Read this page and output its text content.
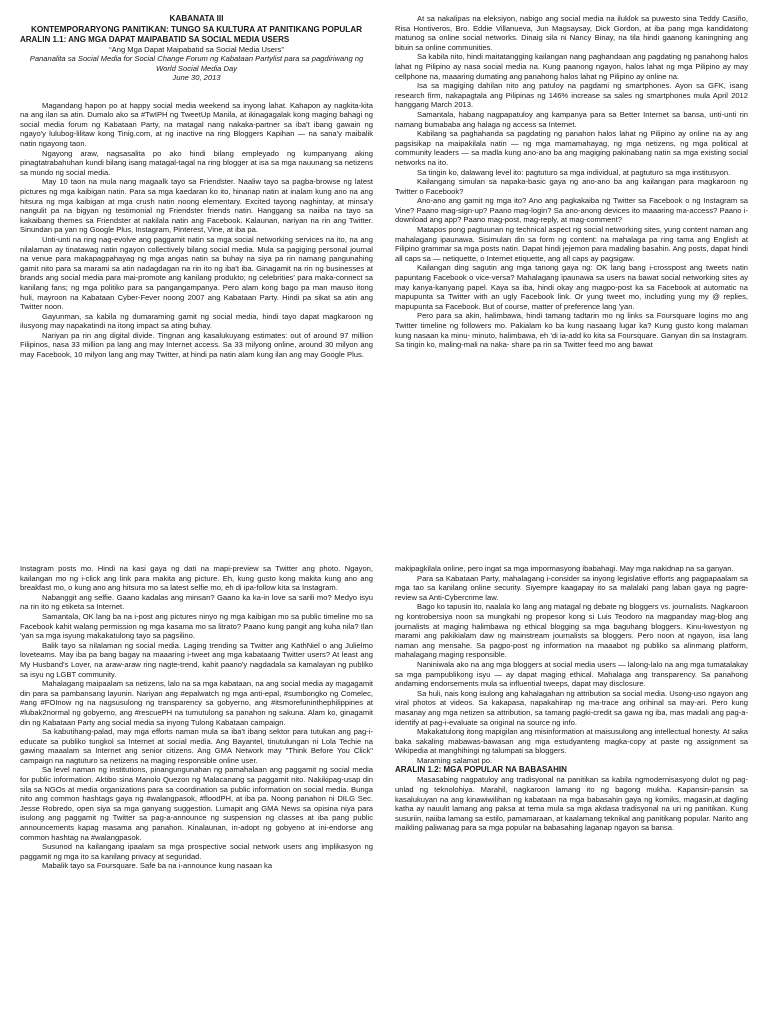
KABANATA III

KONTEMPORARYONG PANITIKAN: TUNGO SA KULTURA AT PANITIKANG POPULAR

ARALIN 1.1: ANG MGA DAPAT MAIPABATID SA SOCIAL MEDIA USERS

“Ang Mga Dapat Maipabatid sa Social Media Users”
Pananalita sa Social Media for Social Change Forum ng Kabataan Partylist para sa pagdiriwang ng World Social Media Day
June 30, 2013

Magandang hapon po at happy social media weekend sa inyong lahat. Kahapon ay nagkita-kita na ang ilan sa atin. Dumalo ako sa #TwIPH ng TweetUp Manila, at ikinagagalak kong maging bahagi ng social media forum ng Kabataan Party, na matagal nang nakaka-partner sa iba't ibang gawain ng ngayo'y lulubog-lilitaw kong Tinig.com, at ng inactive na ring Bloggers Kapihan — na sana'y maibalik natin ngayong taon.

Ngayong araw, nagsasalita po ako hindi bilang empleyado ng kumpanyang aking pinagtatrabahuhan kundi bilang isang matagal-tagal na ring blogger at isa sa mga nauunang sa netizens sa mundo ng social media.

May 10 taon na mula nang magaalk tayo sa Friendster. Naaliw tayo sa pagba-browse ng latest pictures ng mga kaibigan natin. Para sa mga kaedaran ko ito, hinanap natin at inalam kung ano na ang hitsura ng mga kaibigan at mga crush natin noong elementary. Excited tayong naghintay, at minsa'y nangulit pa na bigyan ng testimonial ng Friendster friends natin. Hanggang sa naiiba na tayo sa kakaibang themes sa Friendster at nakilala natin ang Facebook. Kalaunan, nariyan na rin ang Twitter. Sinundan pa yan ng Google Plus, Instagram, Pinterest, Vine, at iba pa.

Unti-unti na ring nag-evolve ang paggamit natin sa mga social networking services na ito, na ang nilalaman ay tinatawag natin ngayon collectively bilang social media. Mula sa pagiging personal journal na venue para makapagpahayag ng mga angas natin sa buhay na siya pa rin namang pangunahing gamit nito para sa marami sa atin nadagdagan na rin ito ng iba't iba. Ginagamit na rin ng businesses at brands ang social media para mai-promote ang kanilang produkto; ng celebrities' para maka-connect sa kanilang fans; ng mga politiko para sa pangangampanya. Pero alam kong bago pa man mauso itong huli, mayroon na Kabataan Cyber-Fever noong 2007 ang Kabataan Party. Hindi pa sikat sa atin ang Twitter noon.

Gayunman, sa kabila ng dumaraming gamit ng social media, hindi tayo dapat magkaroon ng ilusyong may napakatindi na itong impact sa ating buhay.

Nariyan pa rin ang digital divide. Tingnan ang kasalukuyang estimates: out of around 97 million Filipinos, nasa 33 million pa lang ang may Internet access. Sa 33 milyong online, around 30 milyon ang may Facebook, 10 milyon lang ang may Twitter, at hindi pa natin alam kung ilan ang may Google Plus.

At sa nakalipas na eleksiyon, nabigo ang social media na iluklok sa puwesto sina Teddy Casiño, Risa Hontiveros, Bro. Eddie Villanueva, Jun Magsaysay, Dick Gordon, at iba pang mga kandidatong matunog sa online social networks. Dinaig sila ni Nancy Binay, na tila hindi gaanong kaningning ang bituin sa online communities.

Sa kabila nito, hindi maitatangging kailangan nang paghandaan ang pagdating ng panahong halos lahat ng Pilipino ay nasa social media na. Kung paanong ngayon, halos lahat ng mga Pilipino ay may cellphone na, maaaring dumating ang panahong halos lahat ng Pilipino ay online na.

Isa sa magiging dahilan nito ang patuloy na pagdami ng smartphones. Ayon sa GFK, isang research firm, nakapagtala ang Pilipinas ng 146% increase sa sales ng smartphones mula April 2012 hanggang March 2013.

Samantala, habang nagpapatuloy ang kampanya para sa Better Internet sa bansa, unti-unti rin namang bumababa ang halaga ng access sa Internet.

Kabilang sa paghahanda sa pagdating ng panahon halos lahat ng Pilipino ay online na ay ang pagsisikap na maipakilala natin — ng mga mamamahayag, ng mga netizens, ng mga political at community leaders — sa madla kung ano-ano ba ang magiging pakinabang natin sa mga existing social networks na ito.

Sa tingin ko, dalawang level ito: pagtuturo sa mga individual, at pagtuturo sa mga institusyon.

Kailangang simulan sa napaka-basic gaya ng ano-ano ba ang kailangan para magkaroon ng Twitter o Facebook?

Ano-ano ang gamit ng mga ito? Ano ang pagkakaiba ng Twitter sa Facebook o ng Instagram sa Vine? Paano mag-sign-up? Paano mag-login? Sa ano-anong devices ito maaaring ma-access? Paano i-download ang app? Paano mag-post, mag-reply, at mag-comment?

Matapos pong pagtuunan ng technical aspect ng social networking sites, yung content naman ang mahalagang ipaunawa. Sisimulan din sa form ng content: na mahalaga pa ring tama ang English at Filipino grammar sa mga posts natin. Dapat hindi jejemon para madaling basahin. Ang posts, dapat hindi all caps sa — netiquette, o Internet etiquette, ang all caps ay pagsigaw.

Kailangan ding sagutin ang mga tanong gaya ng: OK lang bang i-crosspost ang tweets natin papuntang Facebook o vice-versa? Mahalagang ipaunawa sa users na bawat social networking sites ay may kanya-kanyang papel. Kaya sa iba, hindi okay ang magpo-post ka sa Facebook at automatic na mapupunta sa Twitter with an ugly Facebook link. Or yung tweet mo, including yung my @ replies, mapupunta sa Facebook. But of course, matter of preference lang 'yan.

Pero para sa akin, halimbawa, hindi tamang tadtarin mo ng links sa Foursquare logins mo ang Twitter timeline ng followers mo. Pakialam ko ba kung nasaang lugar ka? Kung gusto kong malaman kung nasaan ka minu- minuto, halimbawa, eh 'di ia-add ko kita sa Foursquare. Ganyan din sa Instagram. Sa tingin ko, maling-mali na naka- share pa rin sa Twitter feed mo ang bawat

Instagram posts mo. Hindi na kasi gaya ng dati na mapi-preview sa Twitter ang photo. Ngayon, kailangan mo ng i-click ang link para makita ang picture. Eh, kung gusto kong makita kung ano ang breakfast mo, o kung ano ang hitsura mo sa latest selfie mo, eh di ipa-follow kita sa Instagram.

Nabanggit ang selfie. Gaano kadalas ang minsan? Gaano ka ka-in love sa sarili mo? Medyo isyu na rin ito ng etiketa sa Internet.

Samantala, OK lang ba na i-post ang pictures ninyo ng mga kaibigan mo sa public timeline mo sa Facebook kahit walang permission ng mga kasama mo sa litrato? Paano kung pangit ang kuha nila? Ilan 'yan sa mga isyung makakatulong tayo sa pagsilino.

Balik tayo sa nilalaman ng social media. Laging trending sa Twitter ang KathNiel o ang Julielmo loveteams. May iba pa bang bagay na maaaring i-tweet ang mga kabataang Twitter users? At least ang My Husband's Lover, na araw-araw ring nagte-trend, kahit paano'y nagdadala sa kamalayan ng publiko sa isyu ng LGBT community.

Mahalagang maipaalam sa netizens, lalo na sa mga kabataan, na ang social media ay magagamit din para sa pambansang layunin. Nariyan ang #epalwatch ng mga anti-epal, #sumbongko ng Comelec, #ang #FOInow ng na nagsusulong ng transparency sa gobyerno, ang #itsmorefuninthephilippines at #lubak2normal ng gobyerno, ang #rescuePH na tumutulong sa panahon ng sakuna. Alam ko, ginagamit din ng Kabataan Party ang social media sa inyong Tulong Kabataan campaign.

Sa kabutihang-palad, may mga efforts naman mula sa iba't ibang sektor para tutukan ang pag-i-educate sa publiko tungkol sa Internet at social media. Ang Bayantel, tinutulungan ni Lola Techie na gawing maaalam sa Internet ang senior citizens. Ang GMA Network may "Think Before You Click" campaign na nagtuturo sa netizens na maging responsible online user.

Sa level naman ng institutions, pinangungunahan ng pamahalaan ang paggamit ng social media for public information. Aktibo sina Manolo Quezon ng Malacanang sa paggamit nito. Nakikipag-usap din sila sa NGOs at media organizations para sa coordination sa public information on social media. Bunga nito ang common hashtags gaya ng #walangpasok, #floodPH, at iba pa. Noong panahon ni DILG Sec. Jesse Robredo, open siya sa mga ganyang suggestion. Lumapit ang GMA News sa opisina niya para isulong ang paggamit ng Twitter sa pag-a-announce ng suspension ng classes at iba pang public announcements kapag masama ang panahon. Kinalaunan, in-adopt ng gobyeno at ini-endorse ang common hashtag na #walangpasok.

Susunod na kailangang ipaalam sa mga prospective social network users ang implikasyon ng paggamit ng mga ito sa kanilang privacy at seguridad.

Mabalik tayo sa Foursquare. Safe ba na i-announce kung nasaan ka

makipagkilala online, pero ingat sa mga impormasyong ibabahagi. May mga nakidnap na sa ganyan.

Para sa Kabataan Party, mahalagang i-consider sa inyong legislative efforts ang pagpapaalam sa mga tao sa kanilang online security. Siyempre kaagapay ito sa malalaki pang laban gaya ng pagre-review sa Anti-Cybercrime law.

Bago ko tapusin ito, naalala ko lang ang matagal ng debate ng bloggers vs. journalists. Nagkaroon ng kontrobersiya noon sa mungkahi ng propesor kong si Luis Teodoro na magpanday mag-blog ang journalists at maging halimbawa ng ethical blogging sa mga baguhang bloggers. Kinu-kwestyon ng marami ang pakikialam daw ng mainstream journalists sa bloggers. Pero noon at ngayon, iisa lang naman ang mensahe. Sa pagpo-post ng information na maaabot ng publiko sa alinmang platform, mahalagang maging responsible.

Naniniwala ako na ang mga bloggers at social media users — lalong-lalo na ang mga tumatalakay sa mga pampublikong isyu — ay dapat maging ethical. Mahalaga ang transparency. Sa panahong andaming endorsements mula sa influential tweeps, dapat may disclosure.

Sa huli, nais kong isulong ang kahalagahan ng attribution sa social media. Usong-uso ngayon ang viral photos at videos. Sa kakapasa, napakahirap ng ma-trace ang orihinal sa may-ari. Pero kung masanay ang mga netizen sa attribution, sa tamang pagki-credit sa gawa ng iba, mas madali ang pag-a- identify at pag-i-evaluate sa original na source ng info.

Makakatulong itong mapigilan ang misinformation at maisusulong ang intellectual honesty. At saka baka sakaling mabawas-bawasan ang mga estudyanteng magka-copy at paste ng assignment sa Wikipedia at manghihingi ng talumpati sa bloggers.

Maraming salamat po.

ARALIN 1.2: MGA POPULAR NA BABASAHIN

Masasabing nagpatuloy ang tradisyonal na panitikan sa kabila ngmodernisasyong dulot ng pag-unlad ng teknolohiya. Marahil, nagkaroon lamang ito ng bagong mukha. Kapansin-pansin sa kasalukuyan na ang kinawiwilihan ng kabataan na mga babasahin gaya ng komiks, magasin,at dagling katha ay nauulit lamang ang paksa at tema mula sa mga akdasa tradisyonal na uri ng panitikan. Kung susuriin, naiiba lamang sa estilo, pamamaraan, at kaalamang teknikal ang panitikang popular. Narito ang maikling paliwanag para sa mga popular na babasahing laganap ngayon sa bansa.
